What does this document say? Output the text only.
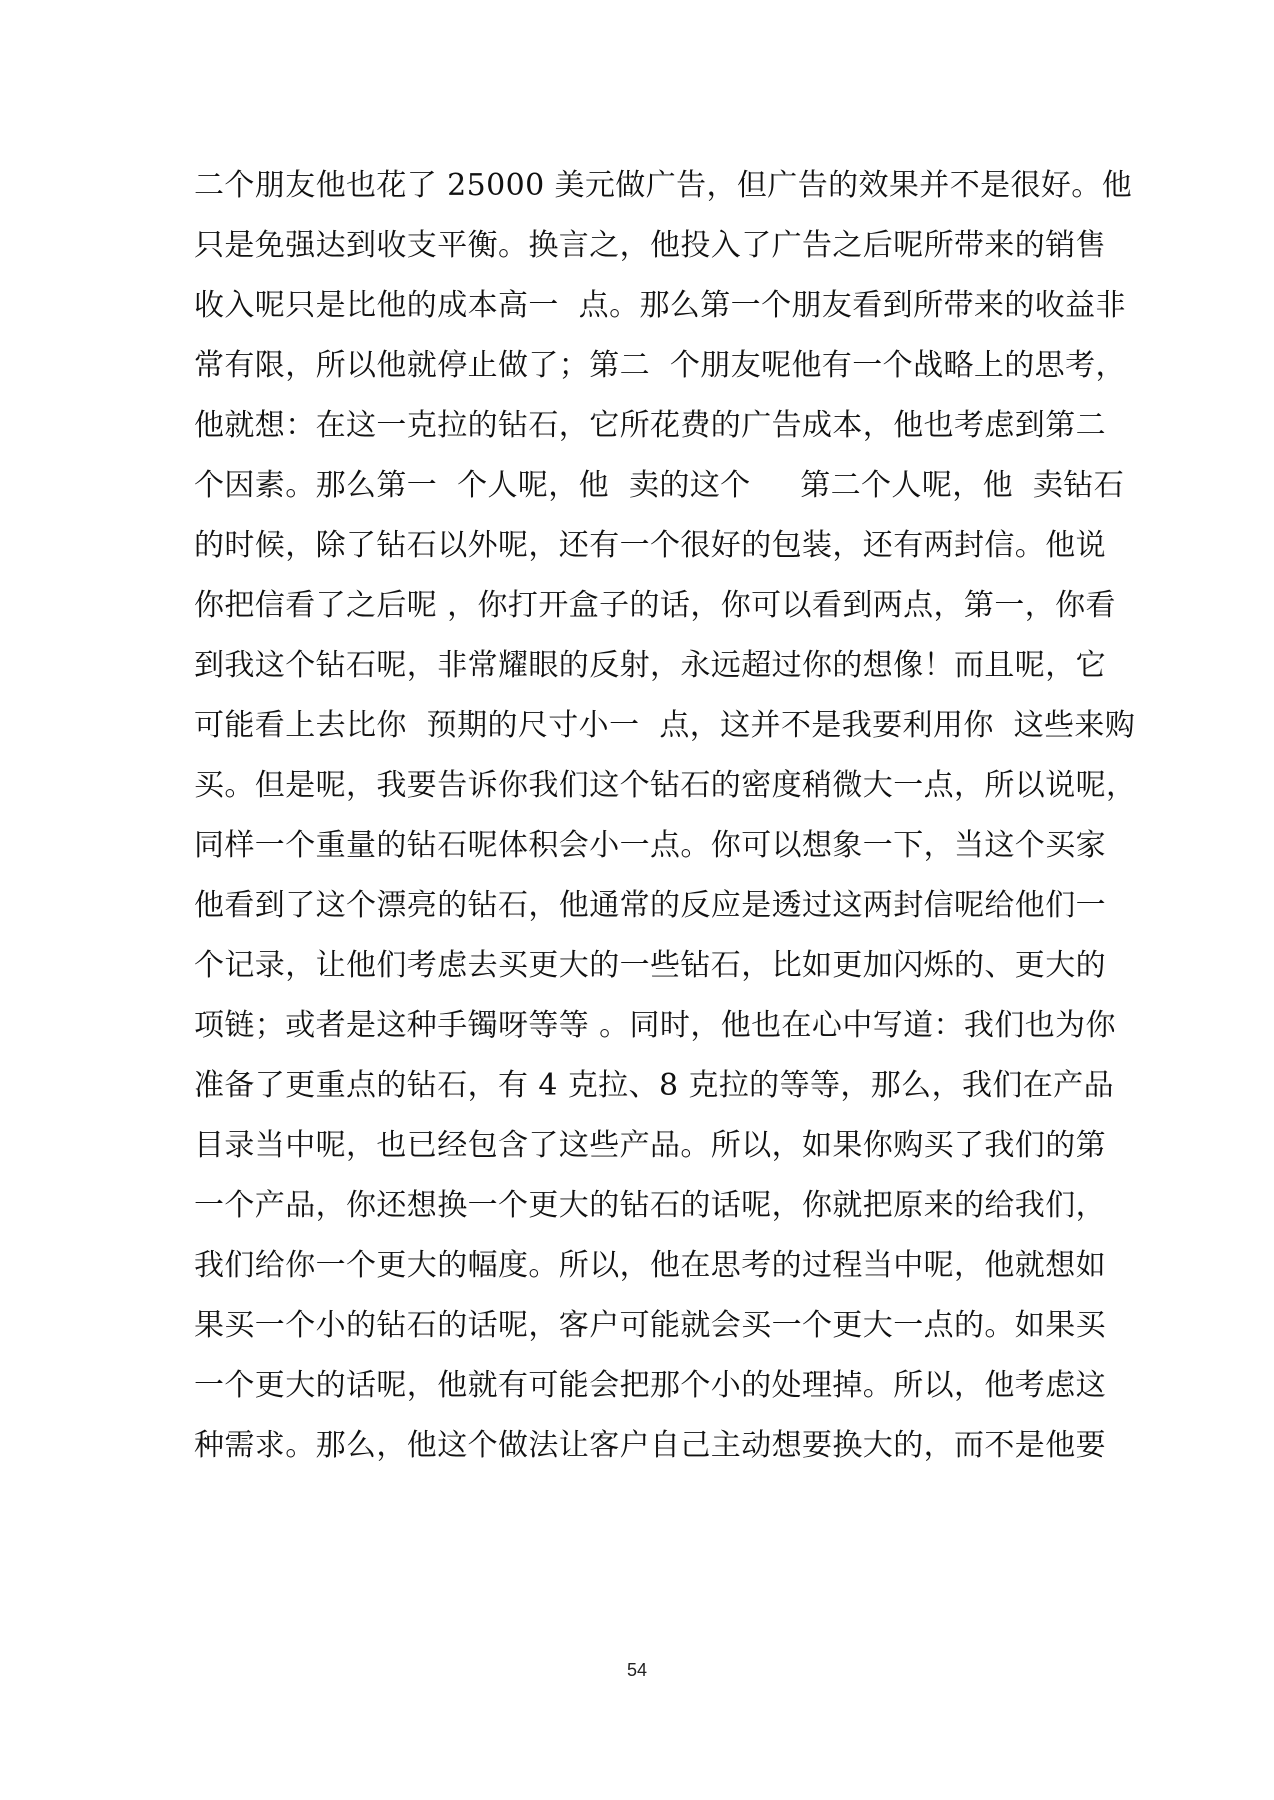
二个朋友他也花了 25000 美元做广告，但广告的效果并不是很好。他
只是免强达到收支平衡。换言之，他投入了广告之后呢所带来的销售
收入呢只是比他的成本高一  点。那么第一个朋友看到所带来的收益非
常有限，所以他就停止做了；第二  个朋友呢他有一个战略上的思考，
他就想：在这一克拉的钻石，它所花费的广告成本，他也考虑到第二
个因素。那么第一  个人呢，他  卖的这个     第二个人呢，他  卖钻石
的时候，除了钻石以外呢，还有一个很好的包装，还有两封信。他说
你把信看了之后呢 ，你打开盒子的话，你可以看到两点，第一，你看
到我这个钻石呢，非常耀眼的反射，永远超过你的想像！而且呢，它
可能看上去比你  预期的尺寸小一  点，这并不是我要利用你  这些来购
买。但是呢，我要告诉你我们这个钻石的密度稍微大一点，所以说呢，
同样一个重量的钻石呢体积会小一点。你可以想象一下，当这个买家
他看到了这个漂亮的钻石，他通常的反应是透过这两封信呢给他们一
个记录，让他们考虑去买更大的一些钻石，比如更加闪烁的、更大的
项链；或者是这种手镯呀等等 。同时，他也在心中写道：我们也为你
准备了更重点的钻石，有 4 克拉、8 克拉的等等，那么，我们在产品
目录当中呢，也已经包含了这些产品。所以，如果你购买了我们的第
一个产品，你还想换一个更大的钻石的话呢，你就把原来的给我们，
我们给你一个更大的幅度。所以，他在思考的过程当中呢，他就想如
果买一个小的钻石的话呢，客户可能就会买一个更大一点的。如果买
一个更大的话呢，他就有可能会把那个小的处理掉。所以，他考虑这
种需求。那么，他这个做法让客户自己主动想要换大的，而不是他要
54
